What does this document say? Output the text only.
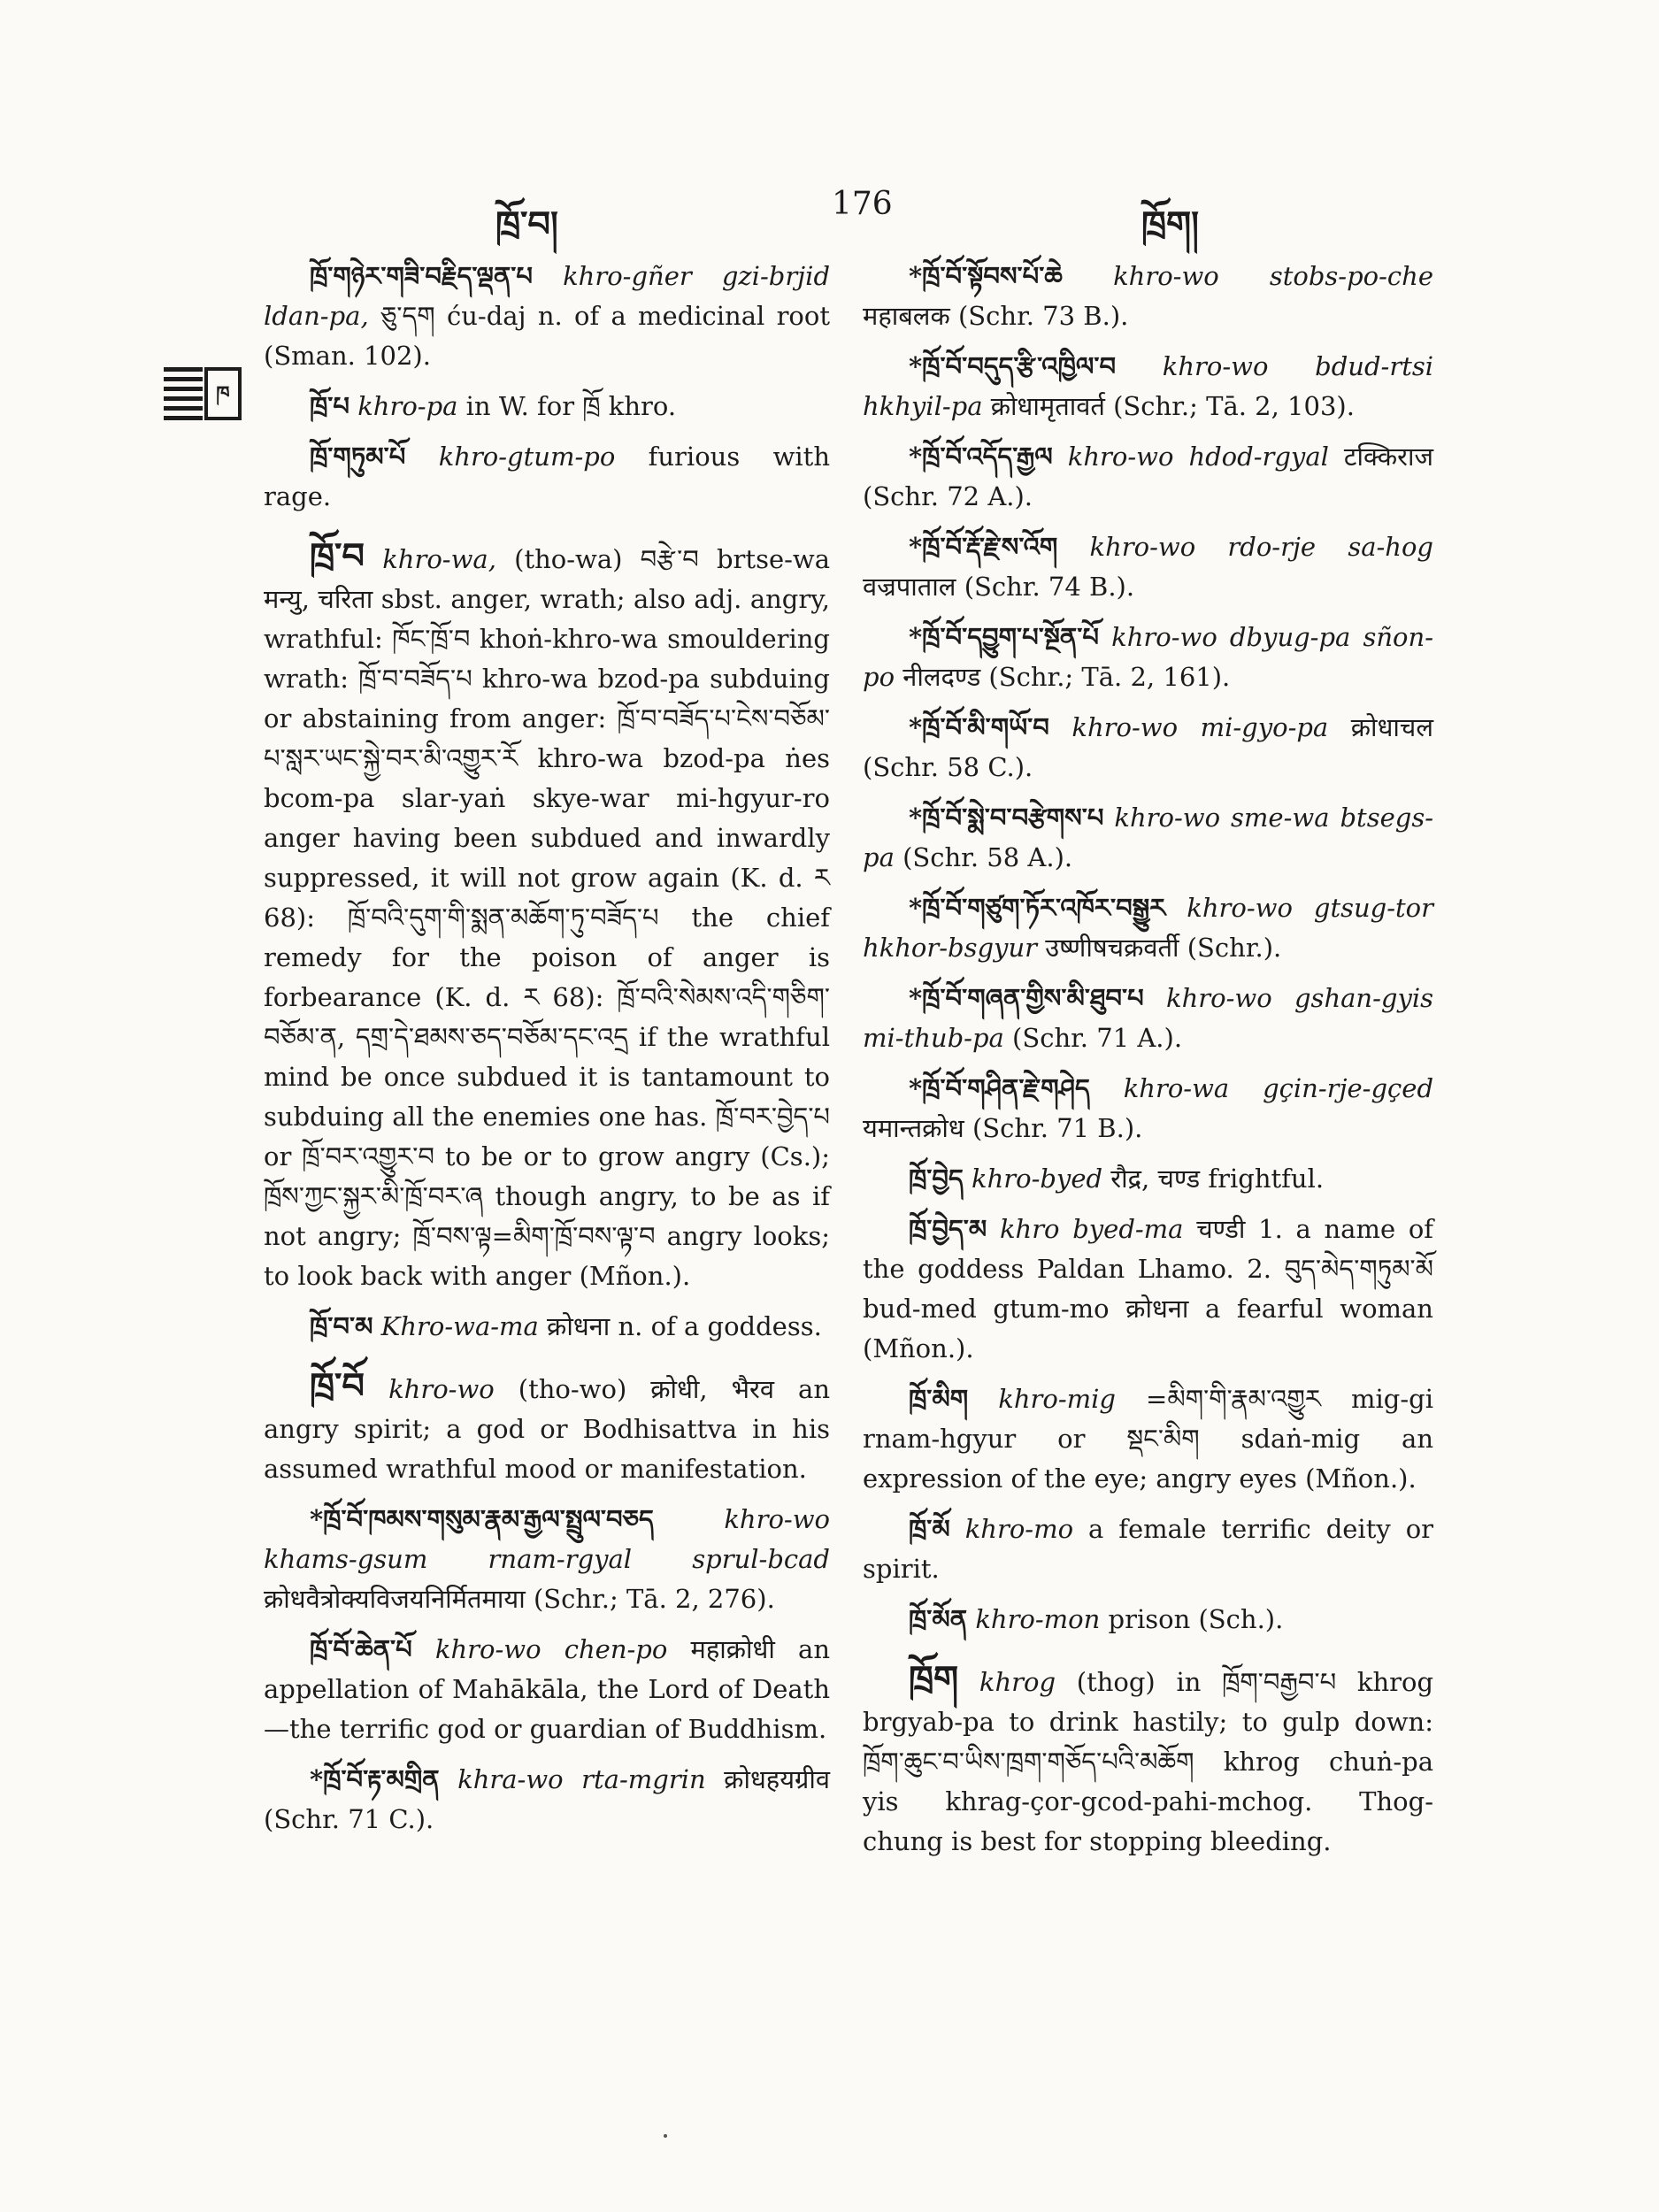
ཁྲོ་བ།	176	ཁྲོག།
ཁ

ཁྲོ་གཉེར་གཟི་བརྗིད་ལྡན་པ khro-gñer gzi-brjid ldan-pa, ཅུ་དག ću-daj n. of a medicinal root (Sman. 102).

ཁྲོ་པ khro-pa in W. for ཁྲོ khro.

ཁྲོ་གཏུམ་པོ khro-gtum-po furious with rage.

ཁྲོ་བ khro-wa, (tho-wa) བརྩེ་བ brtse-wa मन्यु, चरिता sbst. anger, wrath; also adj. angry, wrathful: ཁོང་ཁྲོ་བ khoṅ-khro-wa smouldering wrath: ཁྲོ་བ་བཟོད་པ khro-wa bzod-pa subduing or abstaining from anger: ཁྲོ་བ་བཟོད་པ་ངེས་བཅོམ་པ་སླར་ཡང་སྐྱེ་བར་མི་འགྱུར་རོ khro-wa bzod-pa ṅes bcom-pa slar-yaṅ skye-war mi-hgyur-ro anger having been subdued and inwardly suppressed, it will not grow again (K. d. ར 68): ཁྲོ་བའི་དུག་གི་སྨན་མཆོག་ཏུ་བཟོད་པ the chief remedy for the poison of anger is forbearance (K. d. ར 68): ཁྲོ་བའི་སེམས་འདི་གཅིག་བཅོམ་ན, དགྲ་དེ་ཐམས་ཅད་བཅོམ་དང་འདྲ if the wrathful mind be once subdued it is tantamount to subduing all the enemies one has. ཁྲོ་བར་བྱེད་པ or ཁྲོ་བར་འགྱུར་བ to be or to grow angry (Cs.); ཁྲོས་ཀྱང་སྐྱར་མི་ཁྲོ་བར་ཞ though angry, to be as if not angry; ཁྲོ་བས་ལྟ=མིག་ཁྲོ་བས་ལྟ་བ angry looks; to look back with anger (Mñon.).

ཁྲོ་བ་མ Khro-wa-ma क्रोधना n. of a goddess.

ཁྲོ་བོ khro-wo (tho-wo) क्रोधी, भैरव an angry spirit; a god or Bodhisattva in his assumed wrathful mood or manifestation.

*ཁྲོ་བོ་ཁམས་གསུམ་རྣམ་རྒྱལ་སྤྲུལ་བཅད	khro-wo khams-gsum rnam-rgyal sprul-bcad क्रोधवैत्रोक्यविजयनिर्मितमाया (Schr.; Tā. 2, 276).

ཁྲོ་བོ་ཆེན་པོ khro-wo chen-po महाक्रोधी an appellation of Mahākāla, the Lord of Death—the terrific god or guardian of Buddhism.

*ཁྲོ་བོ་རྟ་མགྲིན khra-wo rta-mgrin क्रोधहयग्रीव (Schr. 71 C.).

*ཁྲོ་བོ་སྟོབས་པོ་ཆེ khro-wo stobs-po-che महाबलक (Schr. 73 B.).

*ཁྲོ་བོ་བདུད་རྩི་འཁྱིལ་བ khro-wo bdud-rtsi hkhyil-pa क्रोधामृतावर्त (Schr.; Tā. 2, 103).

*ཁྲོ་བོ་འདོད་རྒྱལ khro-wo hdod-rgyal टक्किराज (Schr. 72 A.).

*ཁྲོ་བོ་རྡོ་རྗེ་ས་འོག khro-wo rdo-rje sa-hog वज्रपाताल (Schr. 74 B.).

*ཁྲོ་བོ་དབྱུག་པ་སྔོན་པོ khro-wo dbyug-pa sñon-po नीलदण्ड (Schr.; Tā. 2, 161).

*ཁྲོ་བོ་མི་གཡོ་བ khro-wo mi-gyo-pa क्रोधाचल (Schr. 58 C.).

*ཁྲོ་བོ་སྨེ་བ་བརྩེགས་པ khro-wo sme-wa btsegs-pa (Schr. 58 A.).

*ཁྲོ་བོ་གཙུག་ཏོར་འཁོར་བསྒྱུར khro-wo gtsug-tor hkhor-bsgyur उष्णीषचक्रवर्ती (Schr.).

*ཁྲོ་བོ་གཞན་གྱིས་མི་ཐུབ་པ khro-wo gshan-gyis mi-thub-pa (Schr. 71 A.).

*ཁྲོ་བོ་གཤིན་རྗེ་གཤེད khro-wa gçin-rje-gçed यमान्तक्रोध (Schr. 71 B.).

ཁྲོ་བྱེད khro-byed रौद्र, चण्ड frightful.

ཁྲོ་བྱེད་མ khro byed-ma चण्डी 1. a name of the goddess Paldan Lhamo. 2. བུད་མེད་གཏུམ་མོ bud-med gtum-mo क्रोधना a fearful woman (Mñon.).

ཁྲོ་མིག khro-mig =མིག་གི་རྣམ་འགྱུར mig-gi rnam-hgyur or སྡང་མིག sdaṅ-mig an expression of the eye; angry eyes (Mñon.).

ཁྲོ་མོ khro-mo a female terrific deity or spirit.

ཁྲོ་མོན khro-mon prison (Sch.).

ཁྲོག khrog (thog) in ཁྲོག་བརྒྱབ་པ khrog brgyab-pa to drink hastily; to gulp down: ཁྲོག་ཆུང་བ་ཡིས་ཁྲག་གཅོད་པའི་མཆོག khrog chuṅ-pa yis khrag-çor-gcod-pahi-mchog. Thog-chung is best for stopping bleeding.
